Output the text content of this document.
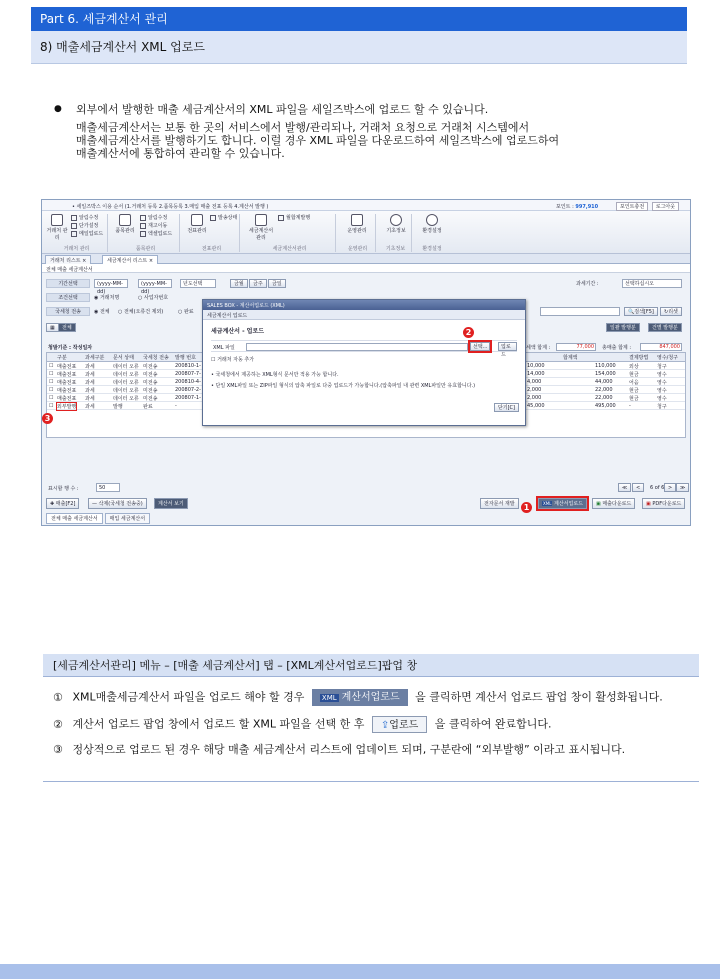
Part 6. 세금계산서 관리
8) 매출세금계산서 XML 업로드
● 외부에서 발행한 매출 세금계산서의 XML 파일을 세일즈박스에 업로드 할 수 있습니다.
매출세금계산서는 보통 한 곳의 서비스에서 발행/관리되나, 거래처 요청으로 거래처 시스템에서
매출세금계산서를 발행하기도 합니다. 이럴 경우 XML 파일을 다운로드하여 세일즈박스에 업로드하여
매출계산서에 통합하여 관리할 수 있습니다.
• 세일즈박스 이용 순서 (1.거래처 등록 2.품목등록 3.매입 매출 전표 등록 4.계산서 발행 )	포인트 : 997,910	포인트충전 로그아웃
거래처 관리
알림수정
단가설정
메일업로드
거래처 관리
품목관리
알림수정
재고이동
엑셀업로드
품목관리
전표관리
발송상태
전표관리
세금계산서 관리
월합계발행
세금계산서관리
운영관리
운영관리
기초정보
기초정보
환경설정
환경설정
거래처 리스트 ×	세금계산서 리스트 ×
전체 매출 세금계산서
기간선택	(yyyy-MM-dd)
(yyyy-MM-dd)
년도선택	금월	금주	금일	과세기간 :	선택하십시오
조건선택	◉ 거래처명	○ 사업자번호
국세청 전송	◉ 전체 ○ 전체(오류건 제외)	○ 완료	🔍검색[F5]	↻리셋
▦	전체	일괄 발행분	건별 발행분
청발기준 : 작성일자	세액 합계 :	77,000	총매출 합계 :	847,000
구분	과세구분 문서 상태 국세청 전송 발행 번호	합계액	결제방법 영수/청구
☐ 매출전표 과세	데이터 오류 미전송	200810-1-	10,000	110,000	외상	청구
☐ 매출전표 과세	데이터 오류 미전송	200807-7-	14,000	154,000	현금	영수
☐ 매출전표 과세	데이터 오류 미전송	200810-4-	4,000	44,000	어음	영수
☐ 매출전표 과세	데이터 오류 미전송	200807-2-	2,000	22,000	현금	영수
☐ 매출전표 과세	데이터 오류 미전송	200807-1-	2,000	22,000	현금	영수
☐ 외부발행 과세	발행	완료	-	45,000	495,000	-	청구
표시할 행 수 :	50	≪	<	6 of 6 >	≫
✚ 매출[F2]	— 삭제(국세청 전송중)	계산서 보기	전자문서 재발	XML 계산서업로드	▣ 매출다운로드	▣ PDF다운로드
전체 매출 세금계산서 매입 세금계산서
SALES BOX - 계산서업로드 (XML)
세금계산서 업로드
세금계산서 - 업로드
XML 파일	선택...	업로드
☐ 거래처 자동 추가
• 국세청에서 제공하는 XML형식 문서만 적용 가능 합니다.
• 단일 XML파일 또는 ZIP파일 형식의 압축 파일로 다중 업로드가 가능합니다.(압축파일 내 관련 XML파일만 유효합니다.)
닫기[C]
1
2
3
[세금계산서관리] 메뉴 – [매출 세금계산서] 탭 – [XML계산서업로드]팝업 창
① XML매출세금계산서 파일을 업로드 해야 할 경우	XML 계산서업로드 을 클릭하면 계산서 업로드 팝업 창이 활성화됩니다.
② 계산서 업로드 팝업 창에서 업로드 할 XML 파일을 선택 한 후 ⇪업로드 을 클릭하여 완료합니다.
③ 정상적으로 업로드 된 경우 해당 매출 세금계산서 리스트에 업데이트 되며, 구분란에 “외부발행” 이라고 표시됩니다.
